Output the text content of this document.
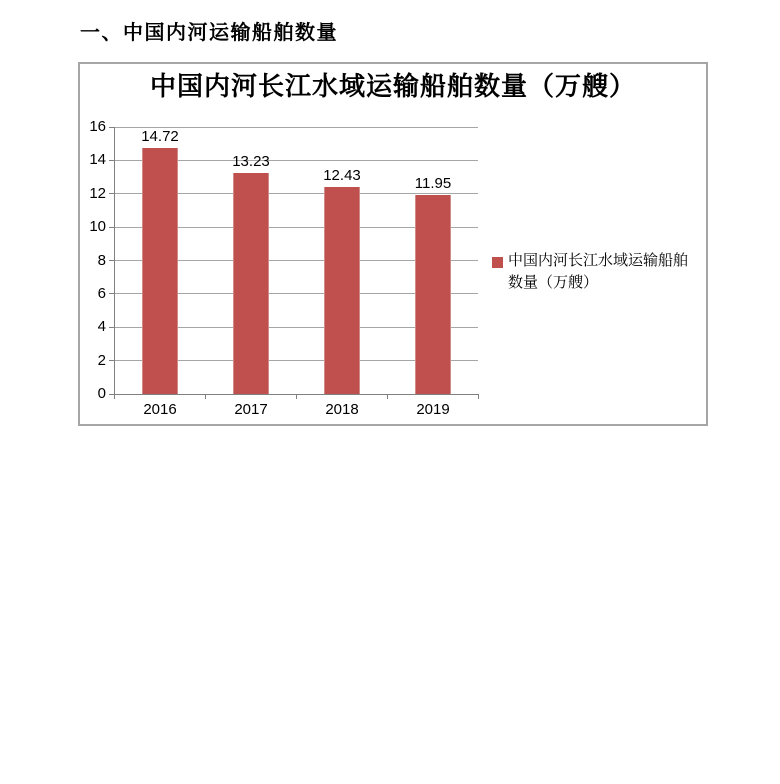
一、中国内河运输船舶数量
中国内河长江水域运输船舶数量（万艘）
0
2
4
6
8
10
12
14
16
14.72
2016
13.23
2017
12.43
2018
11.95
2019
中国内河长江水域运输船舶
数量（万艘）
